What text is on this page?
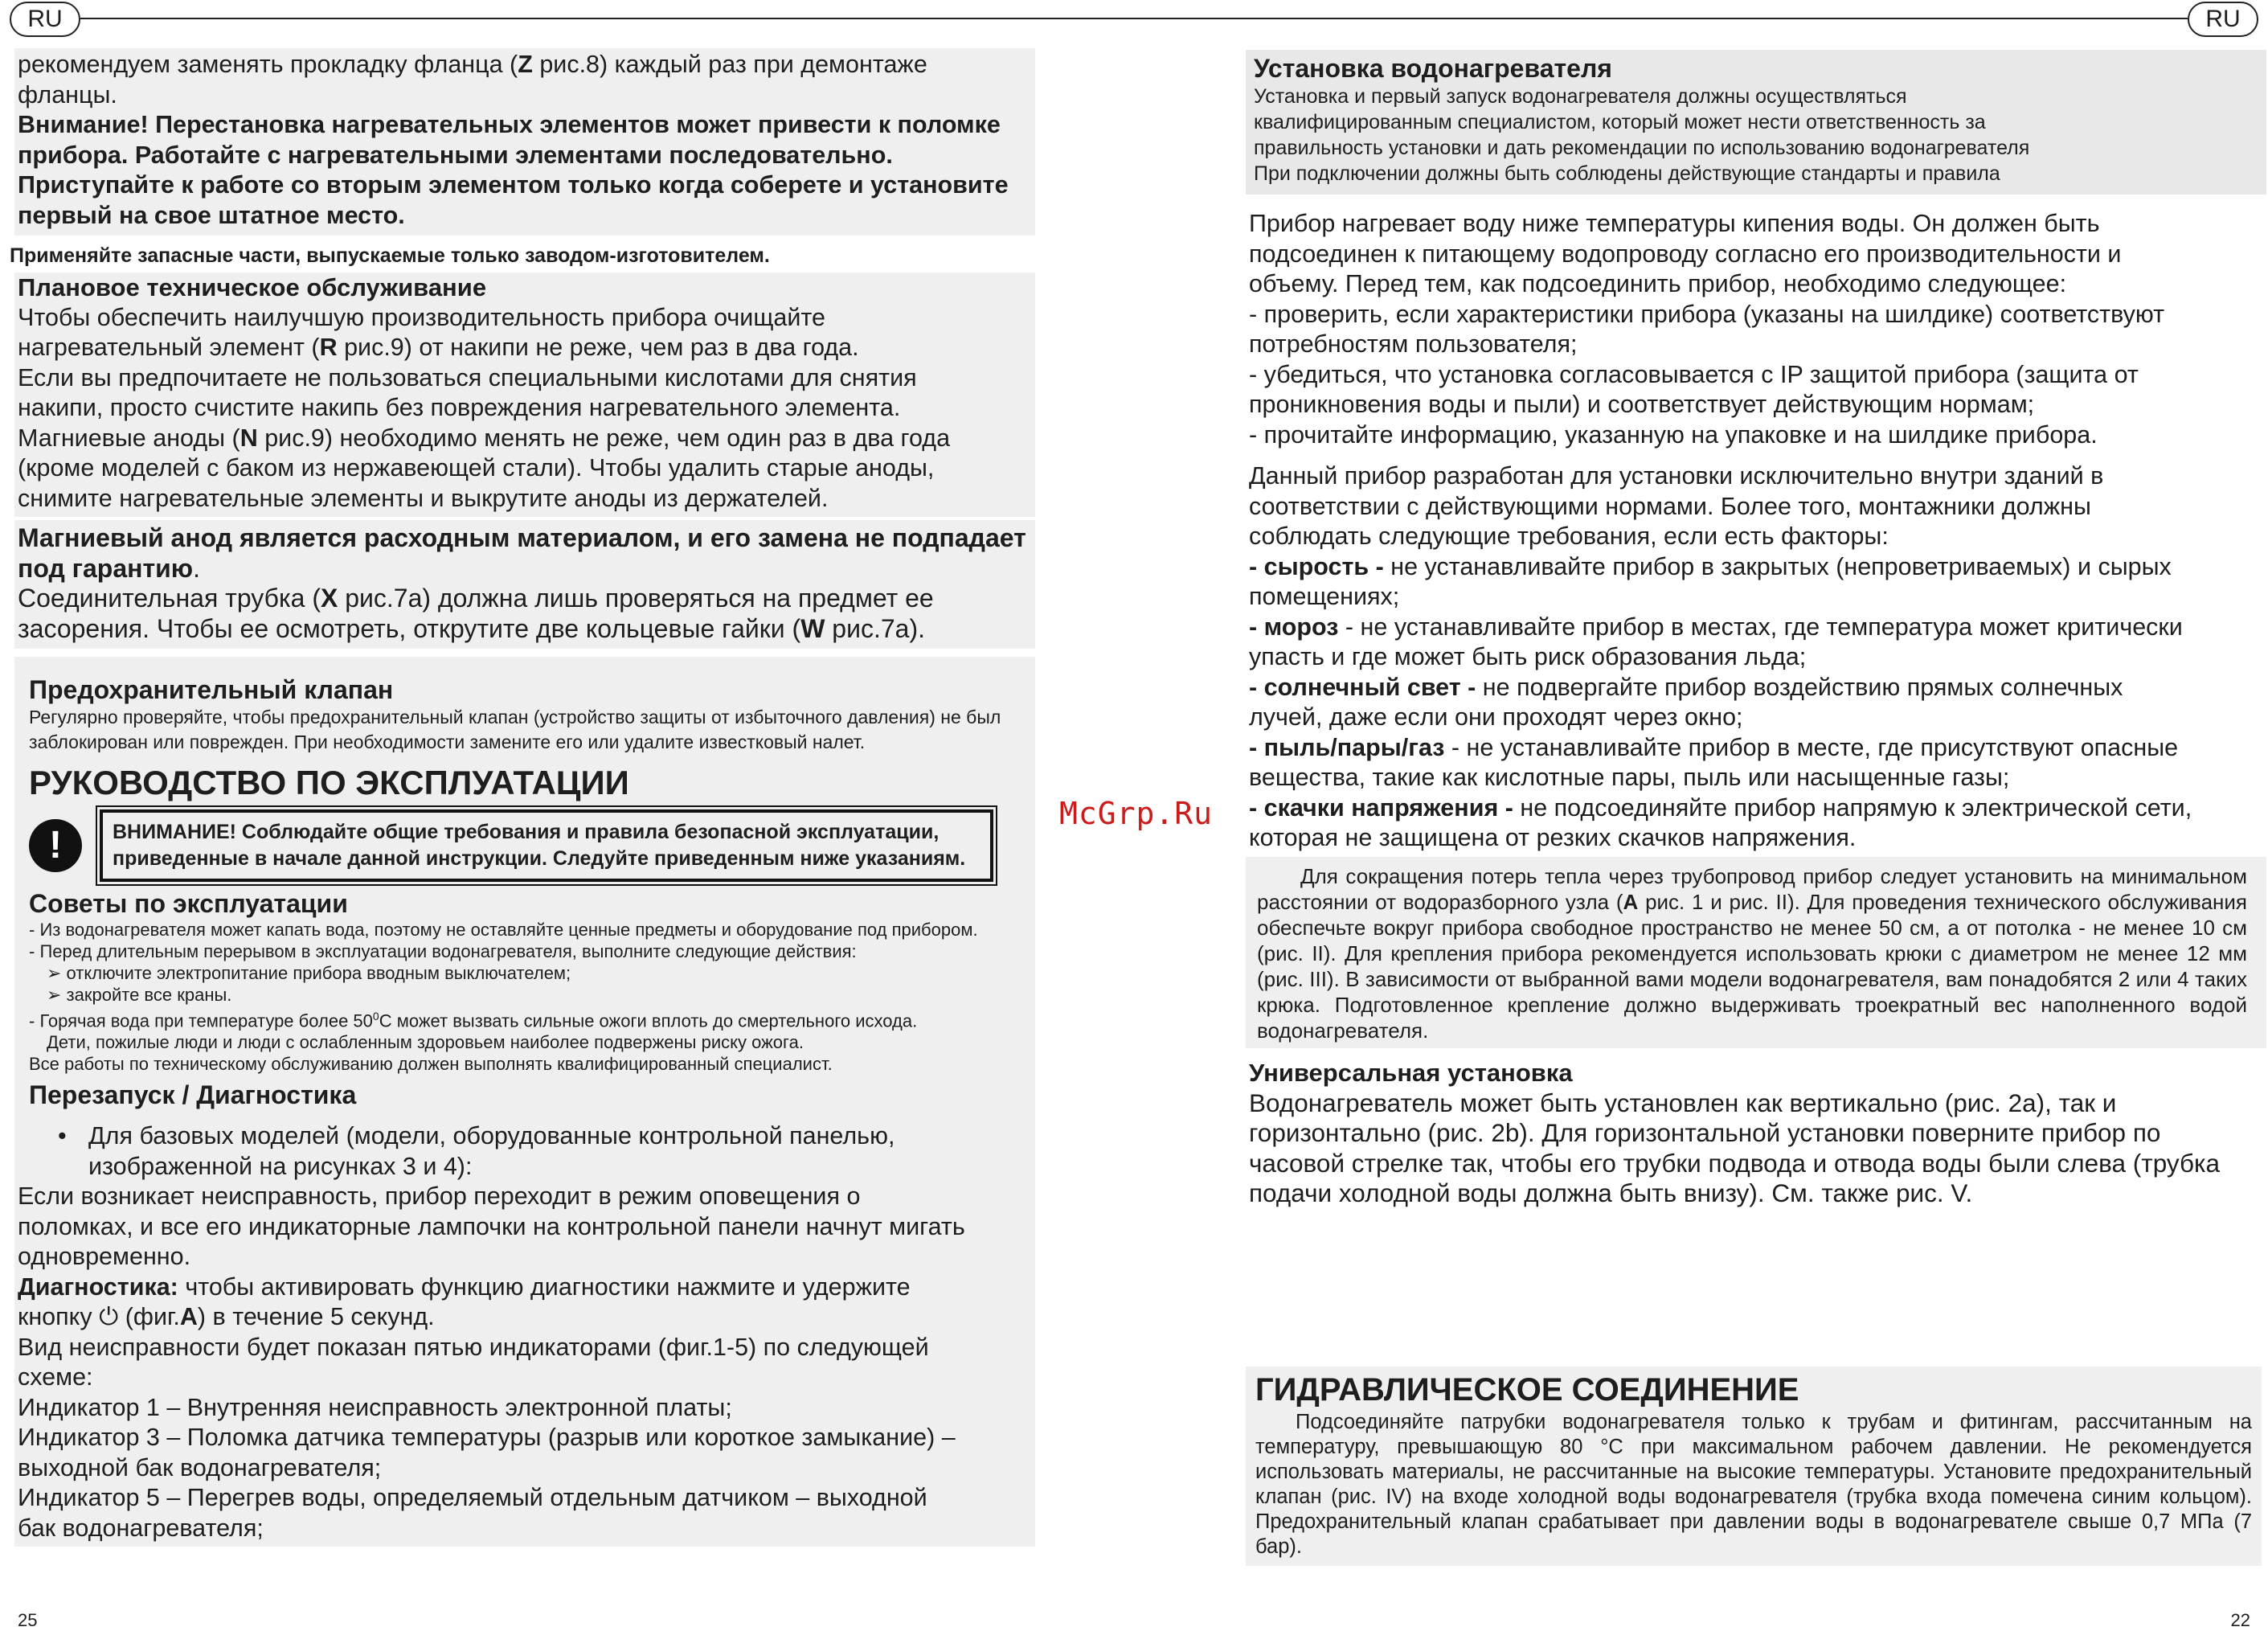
RU	RU
McGrp.Ru

рекомендуем заменять прокладку фланца (Z рис.8) каждый раз при демонтаже

фланцы.

Внимание! Перестановка нагревательных элементов может привести к поломке прибора. Работайте с нагревательными элементами последовательно. Приступайте к работе со вторым элементом только когда соберете и установите первый на свое штатное место.

Применяйте запасные части, выпускаемые только заводом-изготовителем.

Плановое техническое обслуживание

Чтобы обеспечить наилучшую производительность прибора очищайте

нагревательный элемент (R рис.9) от накипи не реже, чем раз в два года.

Если вы предпочитаете не пользоваться специальными кислотами для снятия

накипи, просто счистите накипь без повреждения нагревательного элемента.

Магниевые аноды (N рис.9) необходимо менять не реже, чем один раз в два года

(кроме моделей с баком из нержавеющей стали). Чтобы удалить старые аноды,

снимите нагревательные элементы и выкрутите аноды из держателей.

Магниевый анод является расходным материалом, и его замена не подпадает под гарантию.

Соединительная трубка (X рис.7а) должна лишь проверяться на предмет ее

засорения. Чтобы ее осмотреть, открутите две кольцевые гайки (W рис.7а).

Предохранительный клапан

Регулярно проверяйте, чтобы предохранительный клапан (устройство защиты от избыточного давления) не был заблокирован или поврежден. При необходимости замените его или удалите известковый налет.

РУКОВОДСТВО ПО ЭКСПЛУАТАЦИИ

!	ВНИМАНИЕ! Соблюдайте общие требования и правила безопасной эксплуатации,
приведенные в начале данной инструкции. Следуйте приведенным ниже указаниям.

Советы по эксплуатации

- Из водонагревателя может капать вода, поэтому не оставляйте ценные предметы и оборудование под прибором.

- Перед длительным перерывом в эксплуатации водонагревателя, выполните следующие действия:

➢ отключите электропитание прибора вводным выключателем;

➢ закройте все краны.

- Горячая вода при температуре более $50^0С$ может вызвать сильные ожоги вплоть до смертельного исхода.

Дети, пожилые люди и люди с ослабленным здоровьем наиболее подвержены риску ожога.

Все работы по техническому обслуживанию должен выполнять квалифицированный специалист.

Перезапуск / Диагностика

• Для базовых моделей (модели, оборудованные контрольной панелью,

изображенной на рисунках 3 и 4):

Если возникает неисправность, прибор переходит в режим оповещения о

поломках, и все его индикаторные лампочки на контрольной панели начнут мигать

одновременно.

Диагностика: чтобы активировать функцию диагностики нажмите и удержите

кнопку ⏻ (фиг.А) в течение 5 секунд.

Вид неисправности будет показан пятью индикаторами (фиг.1-5) по следующей

схеме:

Индикатор 1 – Внутренняя неисправность электронной платы;

Индикатор 3 – Поломка датчика температуры (разрыв или короткое замыкание) –

выходной бак водонагревателя;

Индикатор 5 – Перегрев воды, определяемый отдельным датчиком – выходной

бак водонагревателя;

Установка водонагревателя

Установка и первый запуск водонагревателя должны осуществляться

квалифицированным специалистом, который может нести ответственность за

правильность установки и дать рекомендации по использованию водонагревателя

При подключении должны быть соблюдены действующие стандарты и правила

Прибор нагревает воду ниже температуры кипения воды. Он должен быть

подсоединен к питающему водопроводу согласно его производительности и

объему. Перед тем, как подсоединить прибор, необходимо следующее:

- проверить, если характеристики прибора (указаны на шилдике) соответствуют

потребностям пользователя;

- убедиться, что установка согласовывается с IP защитой прибора (защита от

проникновения воды и пыли) и соответствует действующим нормам;

- прочитайте информацию, указанную на упаковке и на шилдике прибора.

Данный прибор разработан для установки исключительно внутри зданий в

соответствии с действующими нормами. Более того, монтажники должны

соблюдать следующие требования, если есть факторы:

- сырость - не устанавливайте прибор в закрытых (непроветриваемых) и сырых

помещениях;

- мороз - не устанавливайте прибор в местах, где температура может критически

упасть и где может быть риск образования льда;

- солнечный свет - не подвергайте прибор воздействию прямых солнечных

лучей, даже если они проходят через окно;

- пыль/пары/газ - не устанавливайте прибор в месте, где присутствуют опасные

вещества, такие как кислотные пары, пыль или насыщенные газы;

- скачки напряжения - не подсоединяйте прибор напрямую к электрической сети,

которая не защищена от резких скачков напряжения.

Для сокращения потерь тепла через трубопровод прибор следует установить на минимальном расстоянии от водоразборного узла (А рис. 1 и рис. II). Для проведения технического обслуживания обеспечьте вокруг прибора свободное пространство не менее 50 см, а от потолка - не менее 10 см (рис. II). Для крепления прибора рекомендуется использовать крюки с диаметром не менее 12 мм (рис. III). В зависимости от выбранной вами модели водонагревателя, вам понадобятся 2 или 4 таких крюка. Подготовленное крепление должно выдерживать троекратный вес наполненного водой водонагревателя.

Универсальная установка

Водонагреватель может быть установлен как вертикально (рис. 2а), так и

горизонтально (рис. 2b). Для горизонтальной установки поверните прибор по

часовой стрелке так, чтобы его трубки подвода и отвода воды были слева (трубка

подачи холодной воды должна быть внизу). См. также рис. V.

ГИДРАВЛИЧЕСКОЕ СОЕДИНЕНИЕ

Подсоединяйте патрубки водонагревателя только к трубам и фитингам, рассчитанным на температуру, превышающую 80 °С при максимальном рабочем давлении. Не рекомендуется использовать материалы, не рассчитанные на высокие температуры. Установите предохранительный клапан (рис. IV) на входе холодной воды водонагревателя (трубка входа помечена синим кольцом). Предохранительный клапан срабатывает при давлении воды в водонагревателе свыше 0,7 МПа (7 бар).

25	22
